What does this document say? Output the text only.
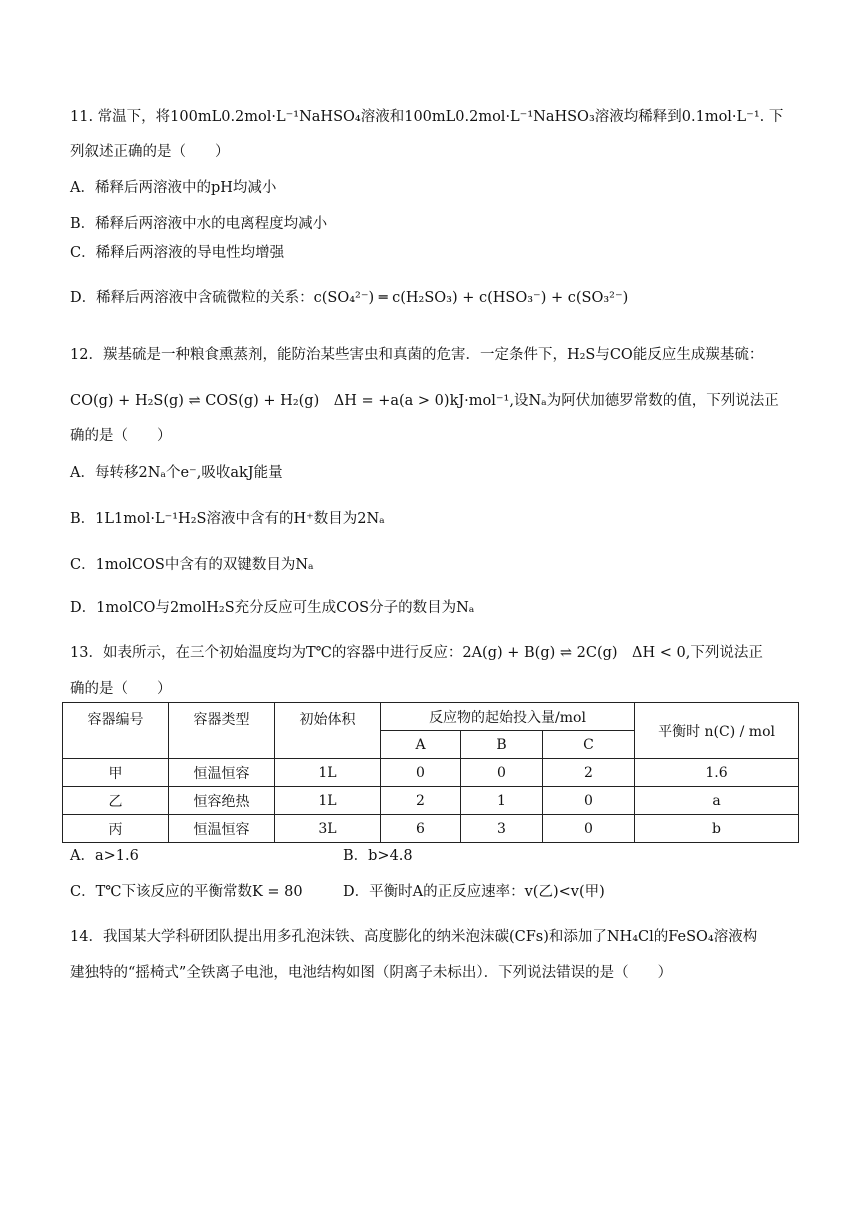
11. 常温下，将100mL0.2mol·L⁻¹NaHSO₄溶液和100mL0.2mol·L⁻¹NaHSO₃溶液均稀释到0.1mol·L⁻¹. 下
列叙述正确的是（　　）
A．稀释后两溶液中的pH均减小
B．稀释后两溶液中水的电离程度均减小
C．稀释后两溶液的导电性均增强
D．稀释后两溶液中含硫微粒的关系：c(SO₄²⁻) ═ c(H₂SO₃) + c(HSO₃⁻) + c(SO₃²⁻)
12．羰基硫是一种粮食熏蒸剂，能防治某些害虫和真菌的危害．一定条件下，H₂S与CO能反应生成羰基硫：
CO(g) + H₂S(g) ⇌ COS(g) + H₂(g)　ΔH = +a(a > 0)kJ·mol⁻¹,设Nₐ为阿伏加德罗常数的值，下列说法正
确的是（　　）
A．每转移2Nₐ个e⁻,吸收akJ能量
B．1L1mol·L⁻¹H₂S溶液中含有的H⁺数目为2Nₐ
C．1molCOS中含有的双键数目为Nₐ
D．1molCO与2molH₂S充分反应可生成COS分子的数目为Nₐ
13．如表所示，在三个初始温度均为T℃的容器中进行反应：2A(g) + B(g) ⇌ 2C(g)　ΔH < 0,下列说法正
确的是（　　）
容器编号	容器类型	初始体积	反应物的起始投入量/mol			平衡时 n(C) / mol
			A	B	C	
甲	恒温恒容	1L	0	0	2	1.6
乙	恒容绝热	1L	2	1	0	a
丙	恒温恒容	3L	6	3	0	b
A．a>1.6	B．b>4.8
C．T℃下该反应的平衡常数K = 80	D．平衡时A的正反应速率：v(乙)<v(甲)
14．我国某大学科研团队提出用多孔泡沫铁、高度膨化的纳米泡沫碳(CFs)和添加了NH₄Cl的FeSO₄溶液构
建独特的“摇椅式”全铁离子电池，电池结构如图（阴离子未标出）．下列说法错误的是（　　）
